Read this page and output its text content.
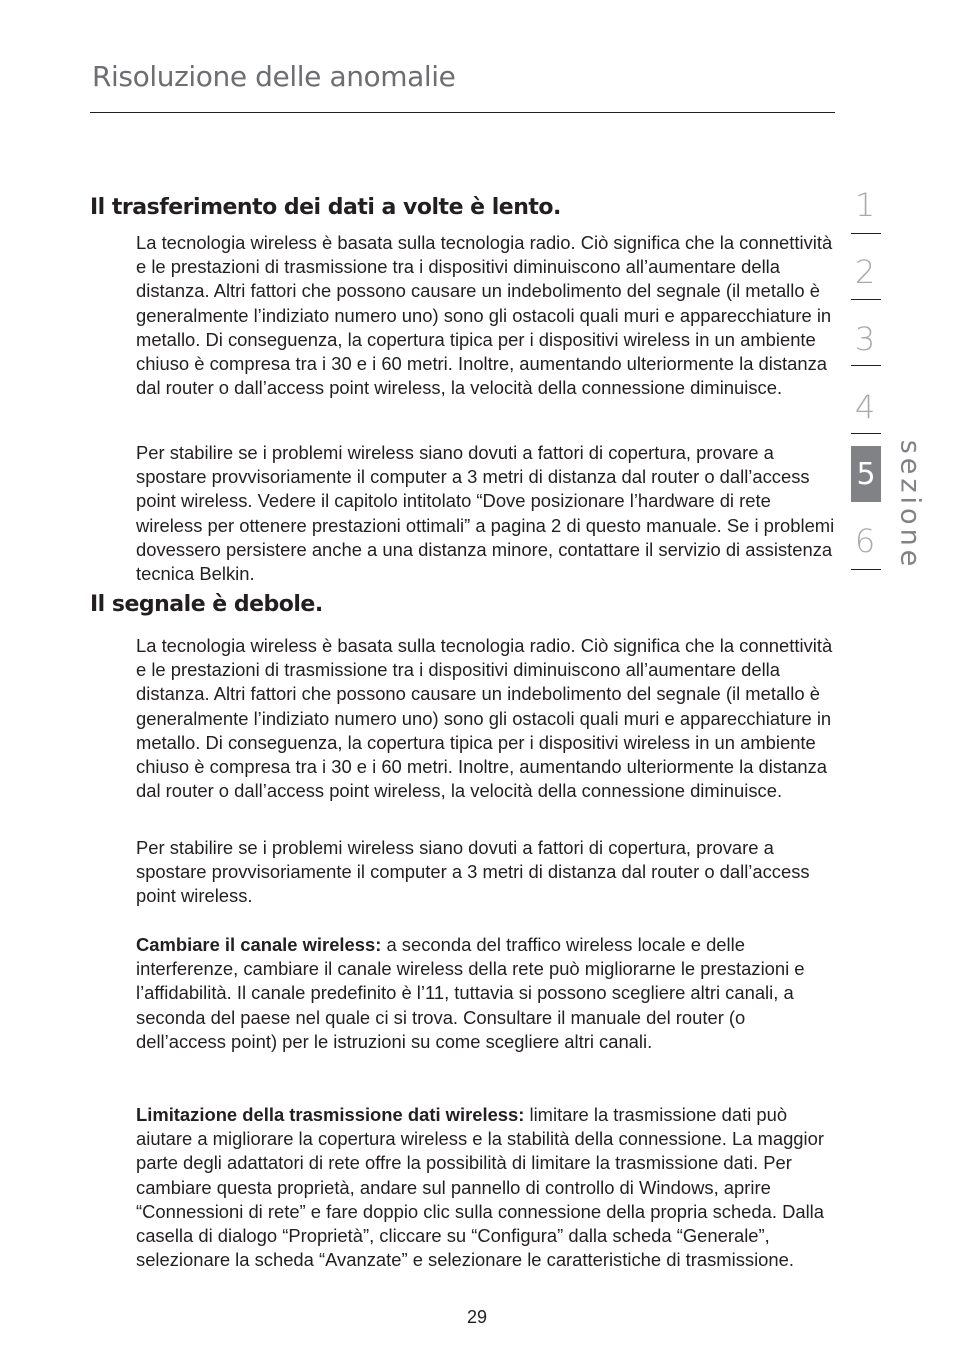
Risoluzione delle anomalie
Il trasferimento dei dati a volte è lento.

La tecnologia wireless è basata sulla tecnologia radio. Ciò significa che la connettività e le prestazioni di trasmissione tra i dispositivi diminuiscono all’aumentare della distanza. Altri fattori che possono causare un indebolimento del segnale (il metallo è generalmente l’indiziato numero uno) sono gli ostacoli quali muri e apparecchiature in metallo. Di conseguenza, la copertura tipica per i dispositivi wireless in un ambiente chiuso è compresa tra i 30 e i 60 metri. Inoltre, aumentando ulteriormente la distanza dal router o dall’access point wireless, la velocità della connessione diminuisce.

Per stabilire se i problemi wireless siano dovuti a fattori di copertura, provare a spostare provvisoriamente il computer a 3 metri di distanza dal router o dall’access point wireless. Vedere il capitolo intitolato “Dove posizionare l’hardware di rete wireless per ottenere prestazioni ottimali” a pagina 2 di questo manuale. Se i problemi dovessero persistere anche a una distanza minore, contattare il servizio di assistenza tecnica Belkin.

Il segnale è debole.

La tecnologia wireless è basata sulla tecnologia radio. Ciò significa che la connettività e le prestazioni di trasmissione tra i dispositivi diminuiscono all’aumentare della distanza. Altri fattori che possono causare un indebolimento del segnale (il metallo è generalmente l’indiziato numero uno) sono gli ostacoli quali muri e apparecchiature in metallo. Di conseguenza, la copertura tipica per i dispositivi wireless in un ambiente chiuso è compresa tra i 30 e i 60 metri. Inoltre, aumentando ulteriormente la distanza dal router o dall’access point wireless, la velocità della connessione diminuisce.

Per stabilire se i problemi wireless siano dovuti a fattori di copertura, provare a spostare provvisoriamente il computer a 3 metri di distanza dal router o dall’access point wireless.

Cambiare il canale wireless: a seconda del traffico wireless locale e delle interferenze, cambiare il canale wireless della rete può migliorarne le prestazioni e l’affidabilità. Il canale predefinito è l’11, tuttavia si possono scegliere altri canali, a seconda del paese nel quale ci si trova. Consultare il manuale del router (o dell’access point) per le istruzioni su come scegliere altri canali.

Limitazione della trasmissione dati wireless: limitare la trasmissione dati può aiutare a migliorare la copertura wireless e la stabilità della connessione. La maggior parte degli adattatori di rete offre la possibilità di limitare la trasmissione dati. Per cambiare questa proprietà, andare sul pannello di controllo di Windows, aprire “Connessioni di rete” e fare doppio clic sulla connessione della propria scheda. Dalla casella di dialogo “Proprietà”, cliccare su “Configura” dalla scheda “Generale”, selezionare la scheda “Avanzate” e selezionare le caratteristiche di trasmissione.

1
2
3
4
5
6 sezione
29
